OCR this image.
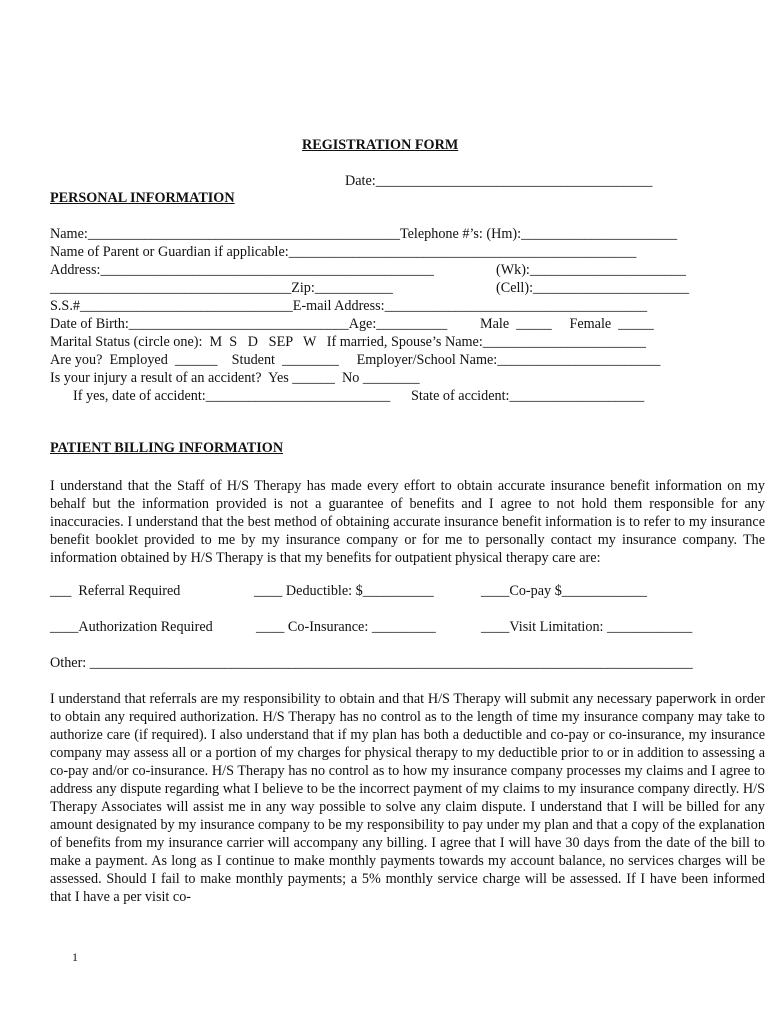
REGISTRATION FORM
Date:_______________________________________
PERSONAL INFORMATION
Name:____________________________________________Telephone #’s: (Hm):______________________
Name of Parent or Guardian if applicable:_________________________________________________
Address:_______________________________________________	(Wk):______________________
__________________________________Zip:___________	(Cell):______________________
S.S.#______________________________E-mail Address:_____________________________________
Date of Birth:_______________________________Age:__________ Male  _____     Female  _____
Marital Status (circle one):  M  S   D   SEP   W   If married, Spouse’s Name:_______________________
Are you?  Employed  ______    Student  ________     Employer/School Name:_______________________
Is your injury a result of an accident?  Yes ______  No ________
If yes, date of accident:__________________________ State of accident:___________________
PATIENT BILLING INFORMATION
I understand that the Staff of H/S Therapy has made every effort to obtain accurate insurance benefit information on my behalf but the information provided is not a guarantee of benefits and I agree to not hold them responsible for any inaccuracies. I understand that the best method of obtaining accurate insurance benefit information is to refer to my insurance benefit booklet provided to me by my insurance company or for me to personally contact my insurance company. The information obtained by H/S Therapy is that my benefits for outpatient physical therapy care are:
___  Referral Required	____ Deductible: $__________	____Co-pay $____________
____Authorization Required	____ Co-Insurance: _________	____Visit Limitation: ____________
Other: _____________________________________________________________________________________
I understand that referrals are my responsibility to obtain and that H/S Therapy will submit any necessary paperwork in order to obtain any required authorization. H/S Therapy has no control as to the length of time my insurance company may take to authorize care (if required). I also understand that if my plan has both a deductible and co-pay or co-insurance, my insurance company may assess all or a portion of my charges for physical therapy to my deductible prior to or in addition to assessing a co-pay and/or co-insurance. H/S Therapy has no control as to how my insurance company processes my claims and I agree to address any dispute regarding what I believe to be the incorrect payment of my claims to my insurance company directly. H/S Therapy Associates will assist me in any way possible to solve any claim dispute. I understand that I will be billed for any amount designated by my insurance company to be my responsibility to pay under my plan and that a copy of the explanation of benefits from my insurance carrier will accompany any billing. I agree that I will have 30 days from the date of the bill to make a payment. As long as I continue to make monthly payments towards my account balance, no services charges will be assessed. Should I fail to make monthly payments; a 5% monthly service charge will be assessed. If I have been informed that I have a per visit co-
1
